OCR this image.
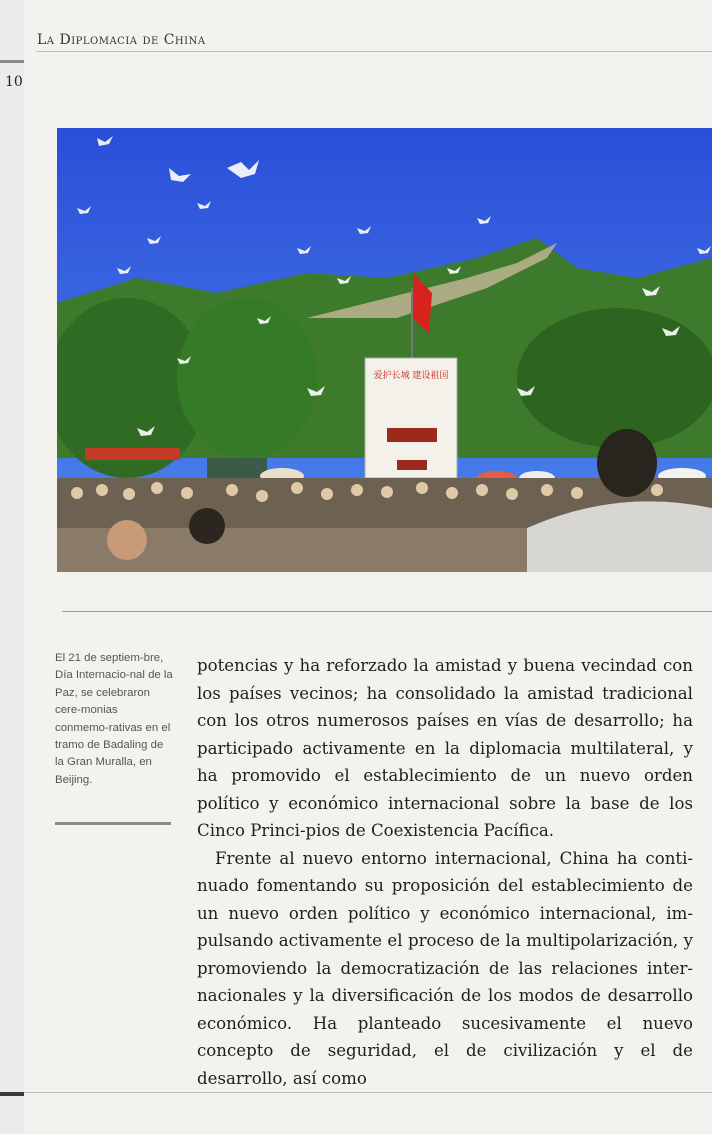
10
La Diplomacia de China
爱护长城 建设祖国
El 21 de septiem-bre, Día Internacio-nal de la Paz, se celebraron cere-monias conmemo-rativas en el tramo de Badaling de la Gran Muralla, en Beijing.

potencias y ha reforzado la amistad y buena vecindad con los países vecinos; ha consolidado la amistad tradicional con los otros numerosos países en vías de desarrollo; ha participado activamente en la diplomacia multilateral, y ha promovido el establecimiento de un nuevo orden político y económico internacional sobre la base de los Cinco Princi-pios de Coexistencia Pacífica.

Frente al nuevo entorno internacional, China ha conti-nuado fomentando su proposición del establecimiento de un nuevo orden político y económico internacional, im-pulsando activamente el proceso de la multipolarización, y promoviendo la democratización de las relaciones inter-nacionales y la diversificación de los modos de desarrollo económico. Ha planteado sucesivamente el nuevo concepto de seguridad, el de civilización y el de desarrollo, así como
